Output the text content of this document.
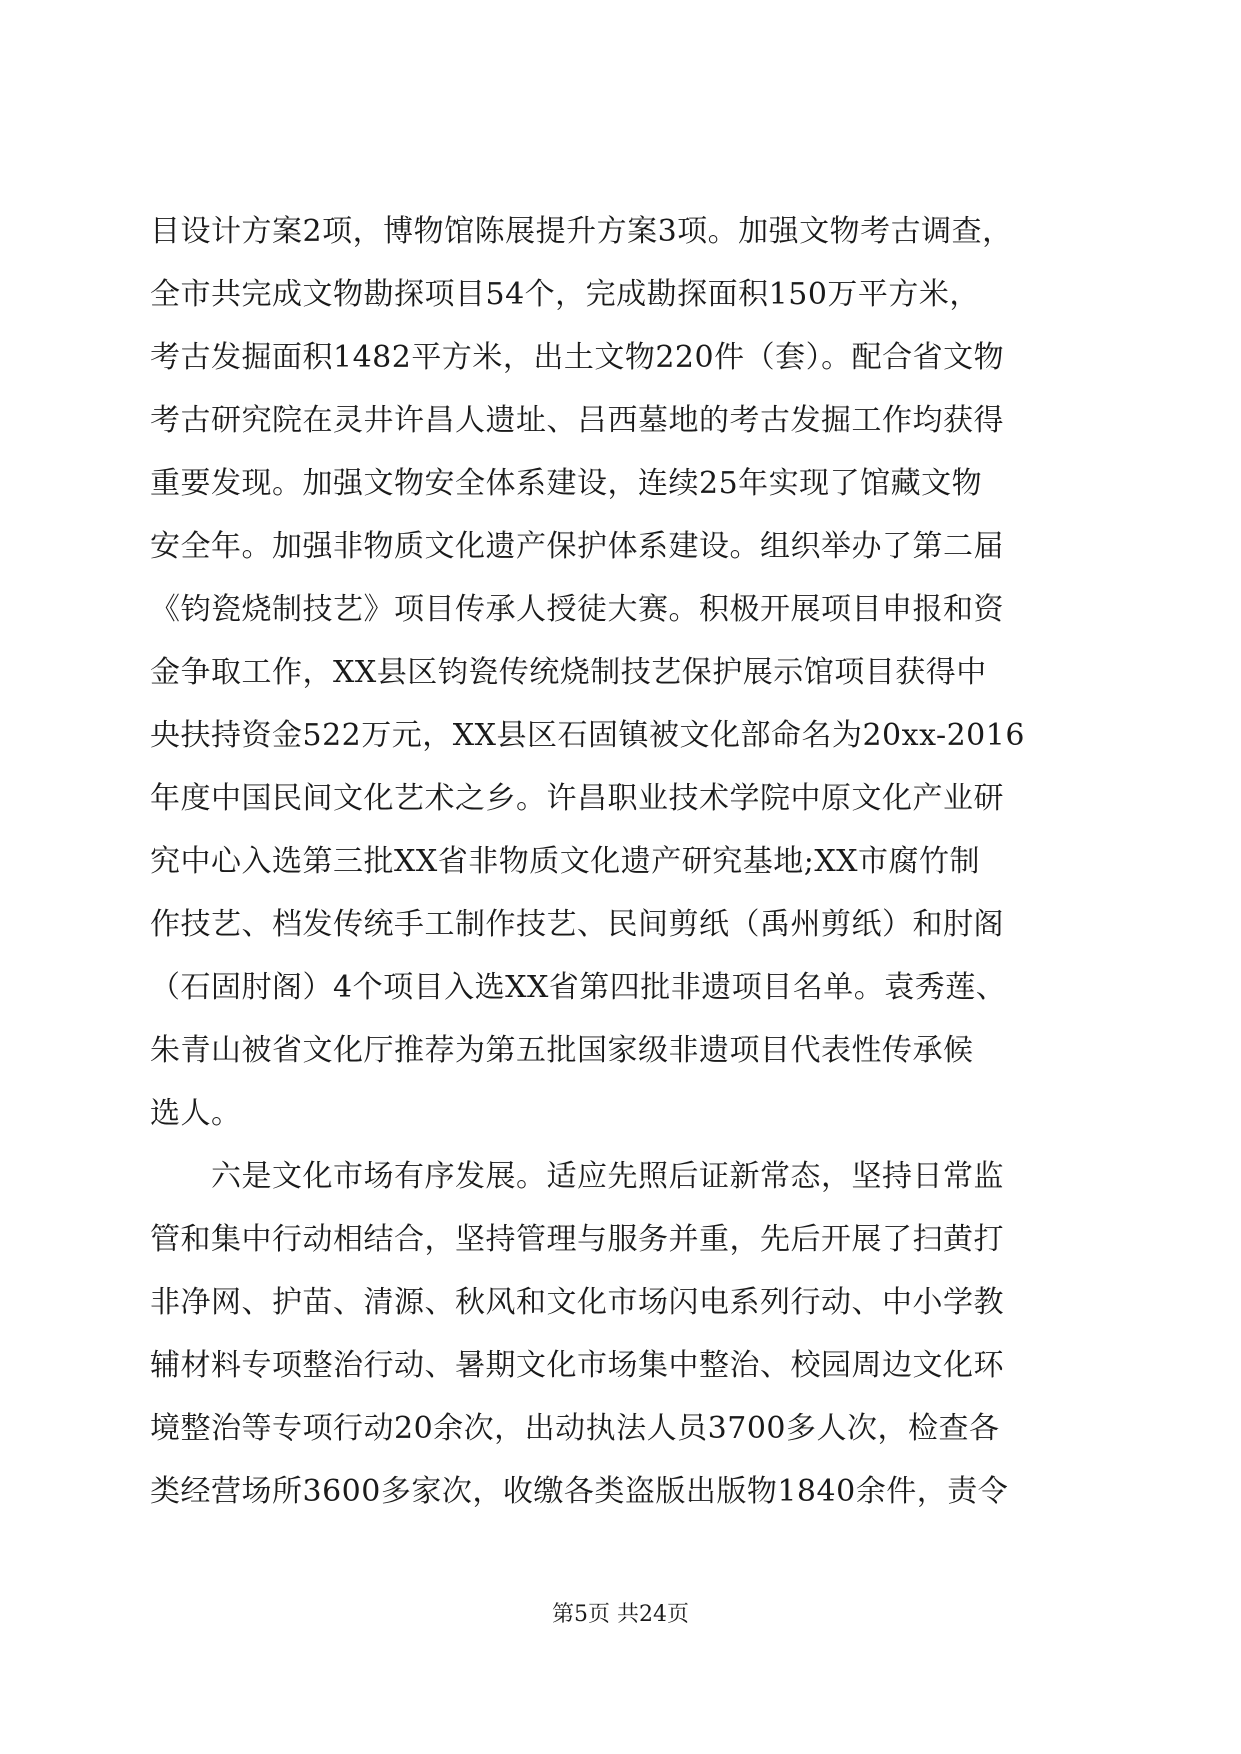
目设计方案2项，博物馆陈展提升方案3项。加强文物考古调查，
全市共完成文物勘探项目54个，完成勘探面积150万平方米，
考古发掘面积1482平方米，出土文物220件（套）。配合省文物
考古研究院在灵井许昌人遗址、吕西墓地的考古发掘工作均获得
重要发现。加强文物安全体系建设，连续25年实现了馆藏文物
安全年。加强非物质文化遗产保护体系建设。组织举办了第二届
《钧瓷烧制技艺》项目传承人授徒大赛。积极开展项目申报和资
金争取工作，XX县区钧瓷传统烧制技艺保护展示馆项目获得中
央扶持资金522万元，XX县区石固镇被文化部命名为20xx-2016
年度中国民间文化艺术之乡。许昌职业技术学院中原文化产业研
究中心入选第三批XX省非物质文化遗产研究基地;XX市腐竹制
作技艺、档发传统手工制作技艺、民间剪纸（禹州剪纸）和肘阁
（石固肘阁）4个项目入选XX省第四批非遗项目名单。袁秀莲、
朱青山被省文化厅推荐为第五批国家级非遗项目代表性传承候
选人。
　　六是文化市场有序发展。适应先照后证新常态，坚持日常监
管和集中行动相结合，坚持管理与服务并重，先后开展了扫黄打
非净网、护苗、清源、秋风和文化市场闪电系列行动、中小学教
辅材料专项整治行动、暑期文化市场集中整治、校园周边文化环
境整治等专项行动20余次，出动执法人员3700多人次，检查各
类经营场所3600多家次，收缴各类盗版出版物1840余件，责令
第5页 共24页
